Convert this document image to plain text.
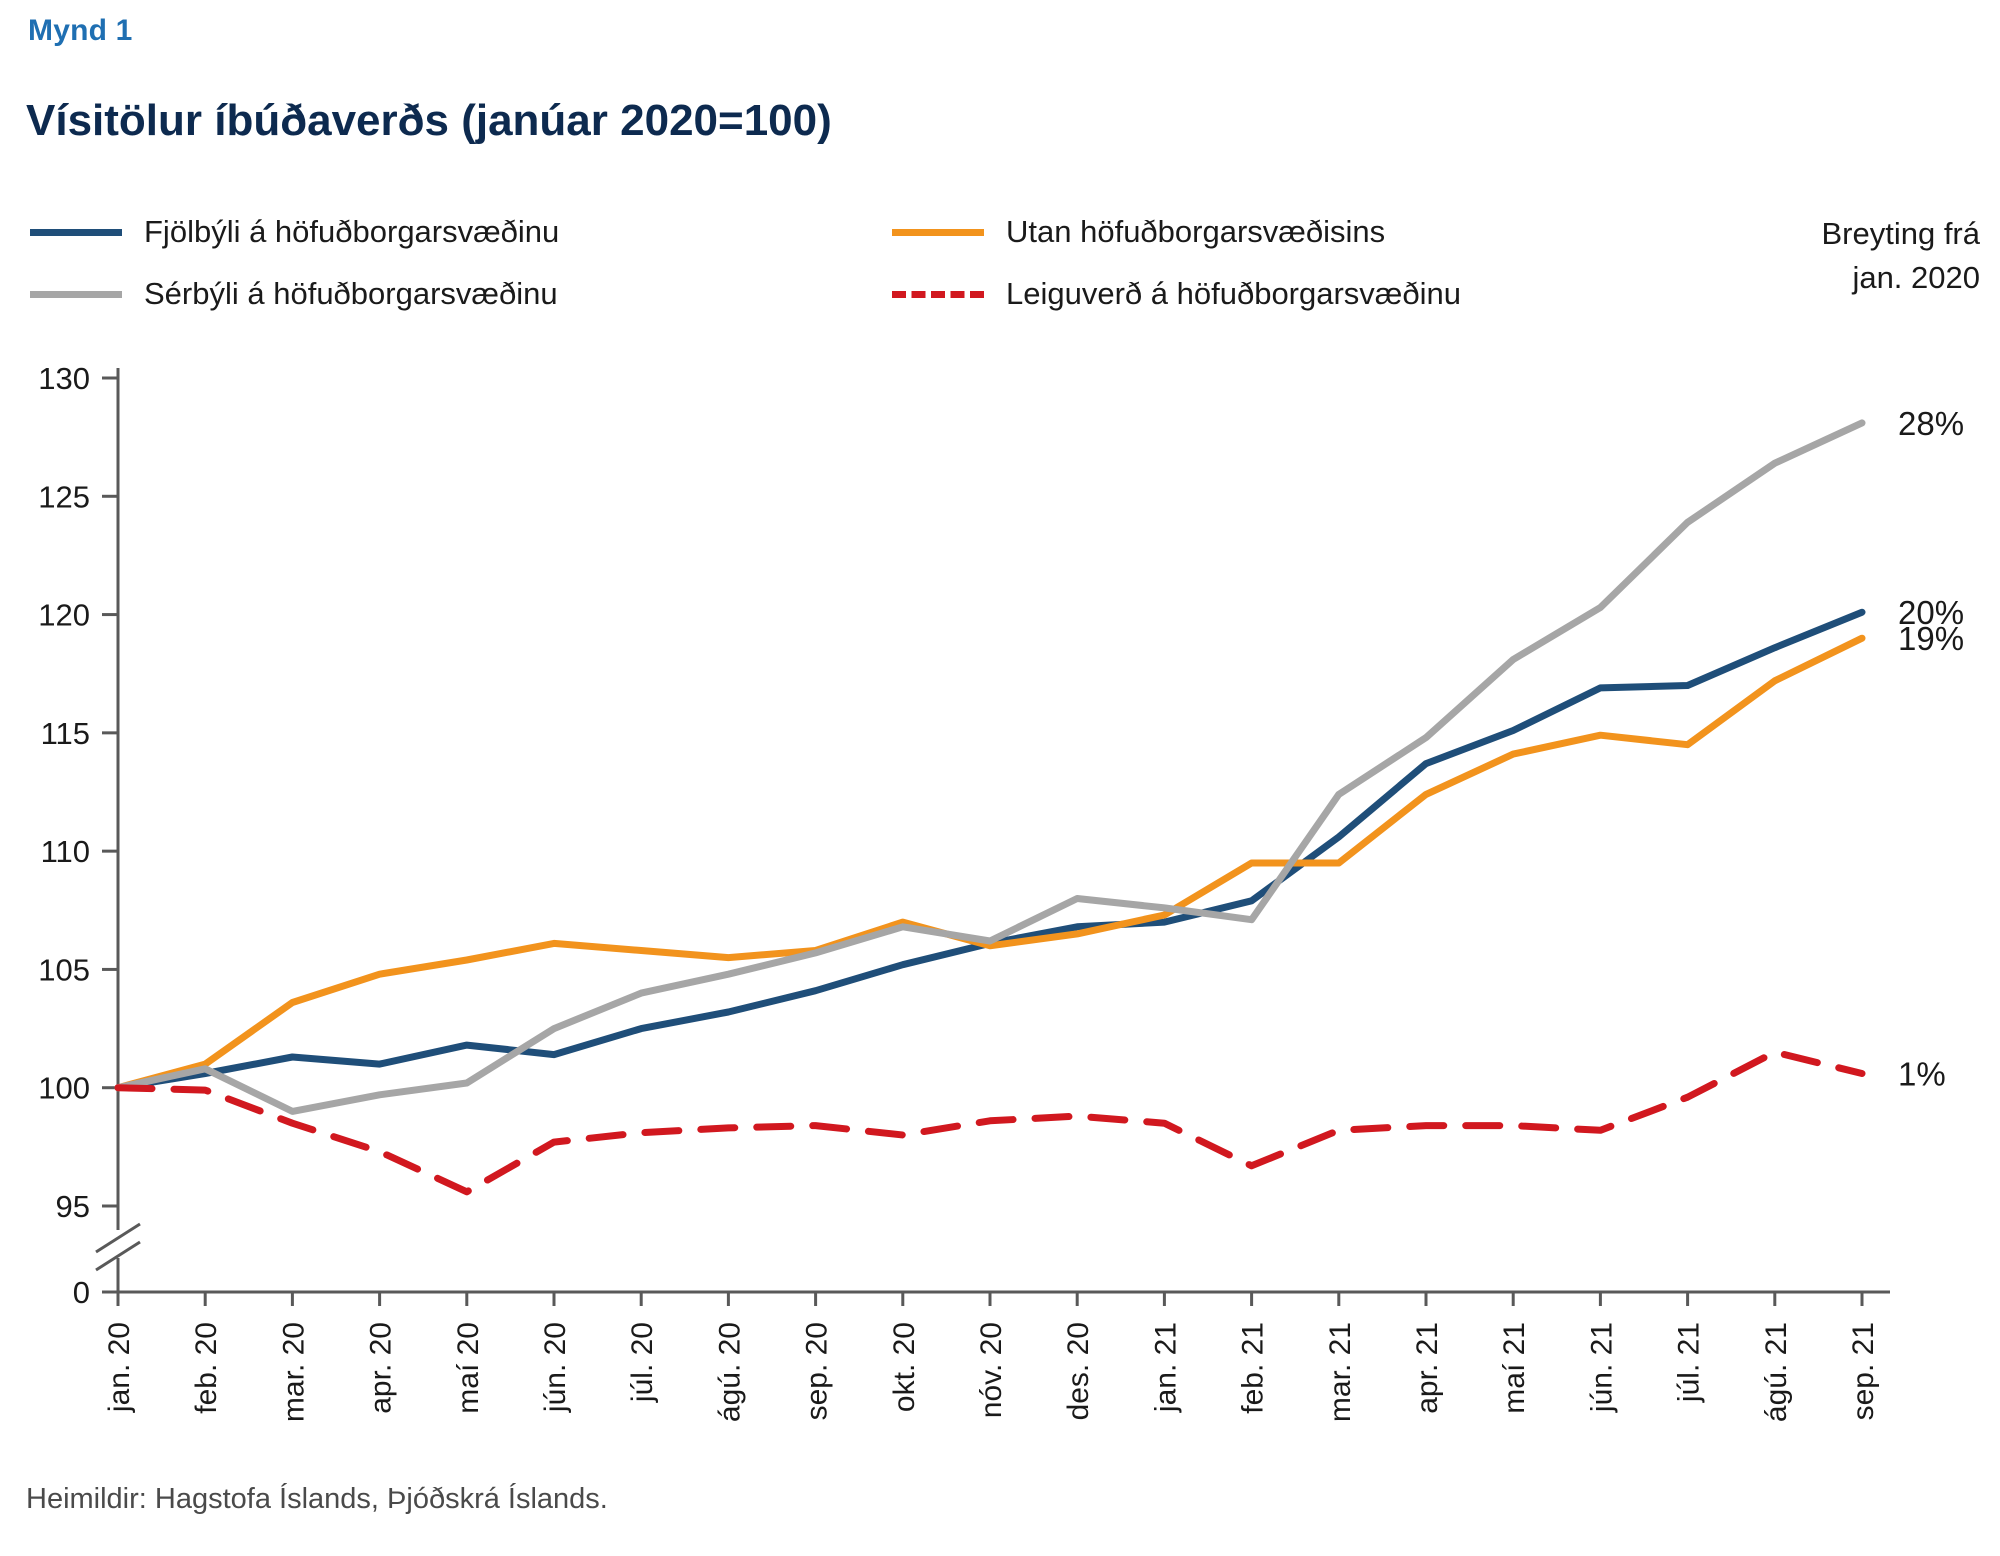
Mynd 1
Vísitölur íbúðaverðs (janúar 2020=100)
Fjölbýli á höfuðborgarsvæðinu
Sérbýli á höfuðborgarsvæðinu
Utan höfuðborgarsvæðisins
Leiguverð á höfuðborgarsvæðinu
Breyting frá
jan. 2020
0
95
100
105
110
115
120
125
130
jan. 20 feb. 20 mar. 20 apr. 20 maí 20 jún. 20 júl. 20 ágú. 20 sep. 20 okt. 20 nóv. 20 des. 20 jan. 21 feb. 21 mar. 21 apr. 21 maí 21 jún. 21 júl. 21 ágú. 21 sep. 21
20%
19%
28%
1%
Heimildir: Hagstofa Íslands, Þjóðskrá Íslands.
